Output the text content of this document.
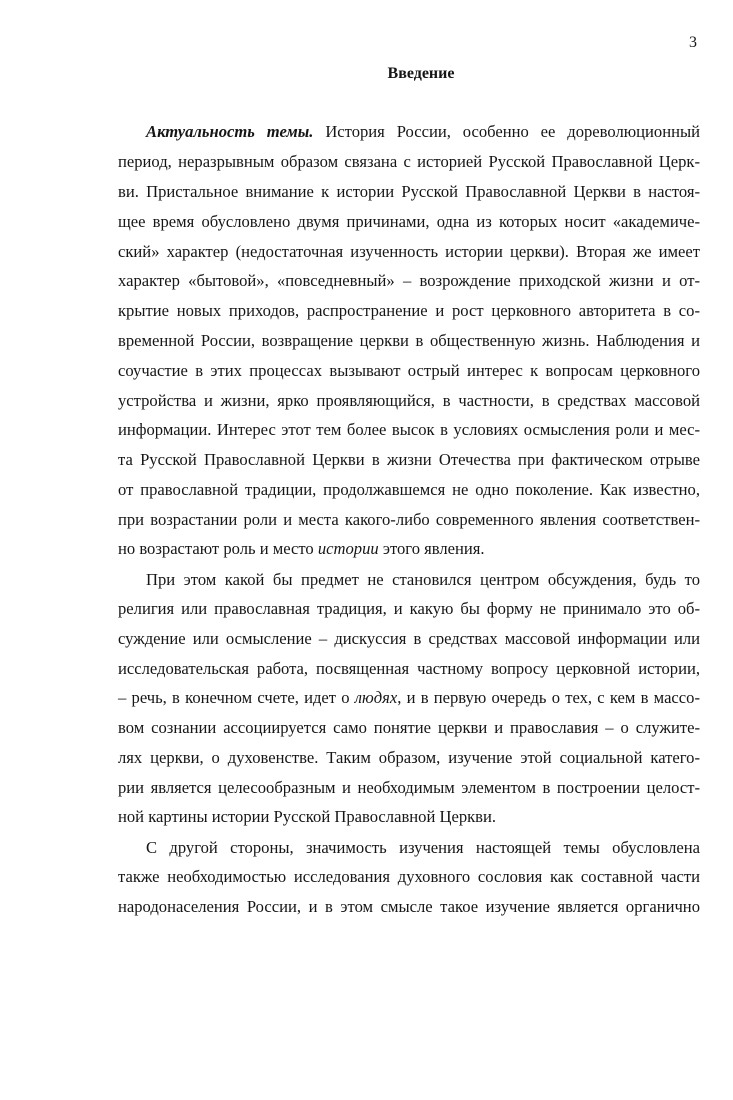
3
Введение
Актуальность темы. История России, особенно ее дореволюционный
период, неразрывным образом связана с историей Русской Православной Церк-
ви. Пристальное внимание к истории Русской Православной Церкви в настоя-
щее время обусловлено двумя причинами, одна из которых носит «академиче-
ский» характер (недостаточная изученность истории церкви). Вторая же имеет
характер «бытовой», «повседневный» – возрождение приходской жизни и от-
крытие новых приходов, распространение и рост церковного авторитета в со-
временной России, возвращение церкви в общественную жизнь. Наблюдения и
соучастие в этих процессах вызывают острый интерес к вопросам церковного
устройства и жизни, ярко проявляющийся, в частности, в средствах массовой
информации. Интерес этот тем более высок в условиях осмысления роли и мес-
та Русской Православной Церкви в жизни Отечества при фактическом отрыве
от православной традиции, продолжавшемся не одно поколение. Как известно,
при возрастании роли и места какого-либо современного явления соответствен-
но возрастают роль и место истории этого явления.
При этом какой бы предмет не становился центром обсуждения, будь то
религия или православная традиция, и какую бы форму не принимало это об-
суждение или осмысление – дискуссия в средствах массовой информации или
исследовательская работа, посвященная частному вопросу церковной истории,
– речь, в конечном счете, идет о людях, и в первую очередь о тех, с кем в массо-
вом сознании ассоциируется само понятие церкви и православия – о служите-
лях церкви, о духовенстве. Таким образом, изучение этой социальной катего-
рии является целесообразным и необходимым элементом в построении целост-
ной картины истории Русской Православной Церкви.
С другой стороны, значимость изучения настоящей темы обусловлена
также необходимостью исследования духовного сословия как составной части
народонаселения России, и в этом смысле такое изучение является органично
